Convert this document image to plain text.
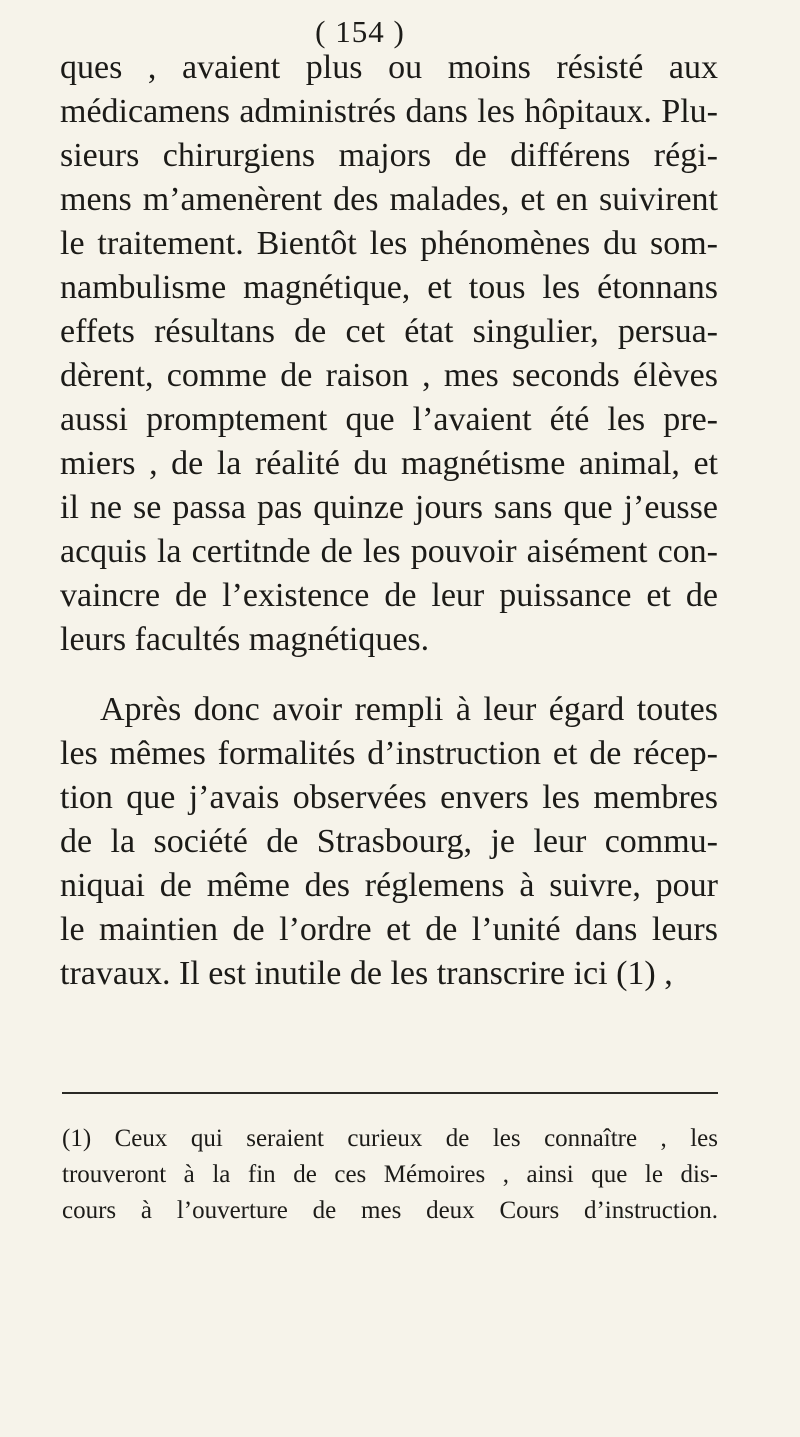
( 154 )
ques , avaient plus ou moins résisté aux
médicamens administrés dans les hôpitaux. Plu-
sieurs chirurgiens majors de différens régi-
mens m’amenèrent des malades, et en suivirent
le traitement. Bientôt les phénomènes du som-
nambulisme magnétique, et tous les étonnans
effets résultans de cet état singulier, persua-
dèrent, comme de raison , mes seconds élèves
aussi promptement que l’avaient été les pre-
miers , de la réalité du magnétisme animal, et
il ne se passa pas quinze jours sans que j’eusse
acquis la certitnde de les pouvoir aisément con-
vaincre de l’existence de leur puissance et de
leurs facultés magnétiques.
Après donc avoir rempli à leur égard toutes
les mêmes formalités d’instruction et de récep-
tion que j’avais observées envers les membres
de la société de Strasbourg, je leur commu-
niquai de même des réglemens à suivre, pour
le maintien de l’ordre et de l’unité dans leurs
travaux. Il est inutile de les transcrire ici (1) ,
(1) Ceux qui seraient curieux de les connaître , les
trouveront à la fin de ces Mémoires , ainsi que le dis-
cours à l’ouverture de mes deux Cours d’instruction.
